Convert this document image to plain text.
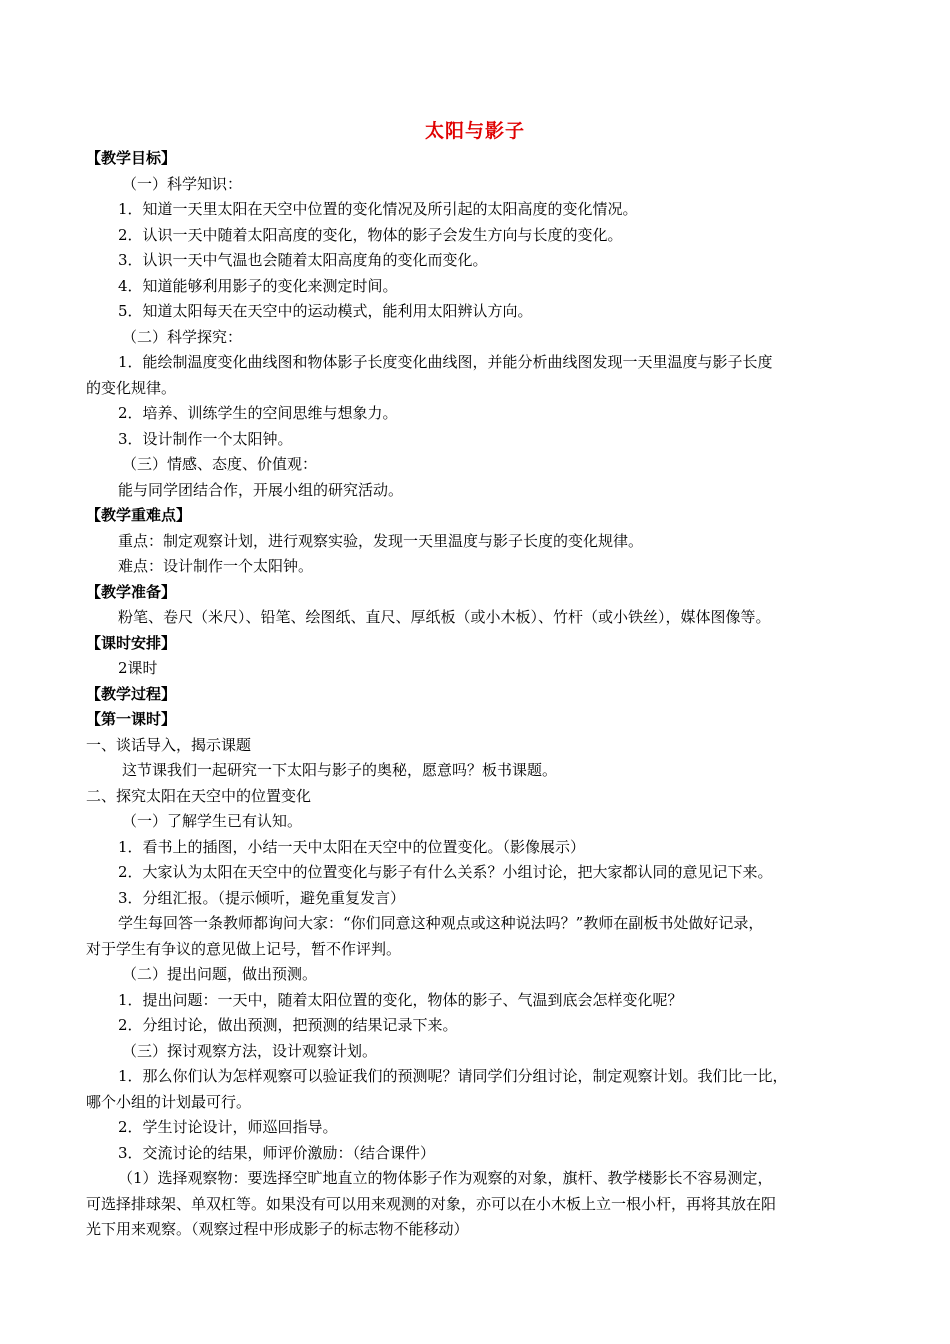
太阳与影子
【教学目标】
（一）科学知识：
1．知道一天里太阳在天空中位置的变化情况及所引起的太阳高度的变化情况。
2．认识一天中随着太阳高度的变化，物体的影子会发生方向与长度的变化。
3．认识一天中气温也会随着太阳高度角的变化而变化。
4．知道能够利用影子的变化来测定时间。
5．知道太阳每天在天空中的运动模式，能利用太阳辨认方向。
（二）科学探究：
1．能绘制温度变化曲线图和物体影子长度变化曲线图，并能分析曲线图发现一天里温度与影子长度
的变化规律。
2．培养、训练学生的空间思维与想象力。
3．设计制作一个太阳钟。
（三）情感、态度、价值观：
能与同学团结合作，开展小组的研究活动。
【教学重难点】
重点：制定观察计划，进行观察实验，发现一天里温度与影子长度的变化规律。
难点：设计制作一个太阳钟。
【教学准备】
粉笔、卷尺（米尺）、铅笔、绘图纸、直尺、厚纸板（或小木板）、竹杆（或小铁丝），媒体图像等。
【课时安排】
2课时
【教学过程】
【第一课时】
一、谈话导入，揭示课题
这节课我们一起研究一下太阳与影子的奥秘，愿意吗？板书课题。
二、探究太阳在天空中的位置变化
（一）了解学生已有认知。
1．看书上的插图，小结一天中太阳在天空中的位置变化。（影像展示）
2．大家认为太阳在天空中的位置变化与影子有什么关系？小组讨论，把大家都认同的意见记下来。
3．分组汇报。（提示倾听，避免重复发言）
学生每回答一条教师都询问大家：“你们同意这种观点或这种说法吗？”教师在副板书处做好记录，
对于学生有争议的意见做上记号，暂不作评判。
（二）提出问题，做出预测。
1．提出问题：一天中，随着太阳位置的变化，物体的影子、气温到底会怎样变化呢？
2．分组讨论，做出预测，把预测的结果记录下来。
（三）探讨观察方法，设计观察计划。
1．那么你们认为怎样观察可以验证我们的预测呢？请同学们分组讨论，制定观察计划。我们比一比，
哪个小组的计划最可行。
2．学生讨论设计，师巡回指导。
3．交流讨论的结果，师评价激励：（结合课件）
（1）选择观察物：要选择空旷地直立的物体影子作为观察的对象，旗杆、教学楼影长不容易测定，
可选择排球架、单双杠等。如果没有可以用来观测的对象，亦可以在小木板上立一根小杆，再将其放在阳
光下用来观察。（观察过程中形成影子的标志物不能移动）
